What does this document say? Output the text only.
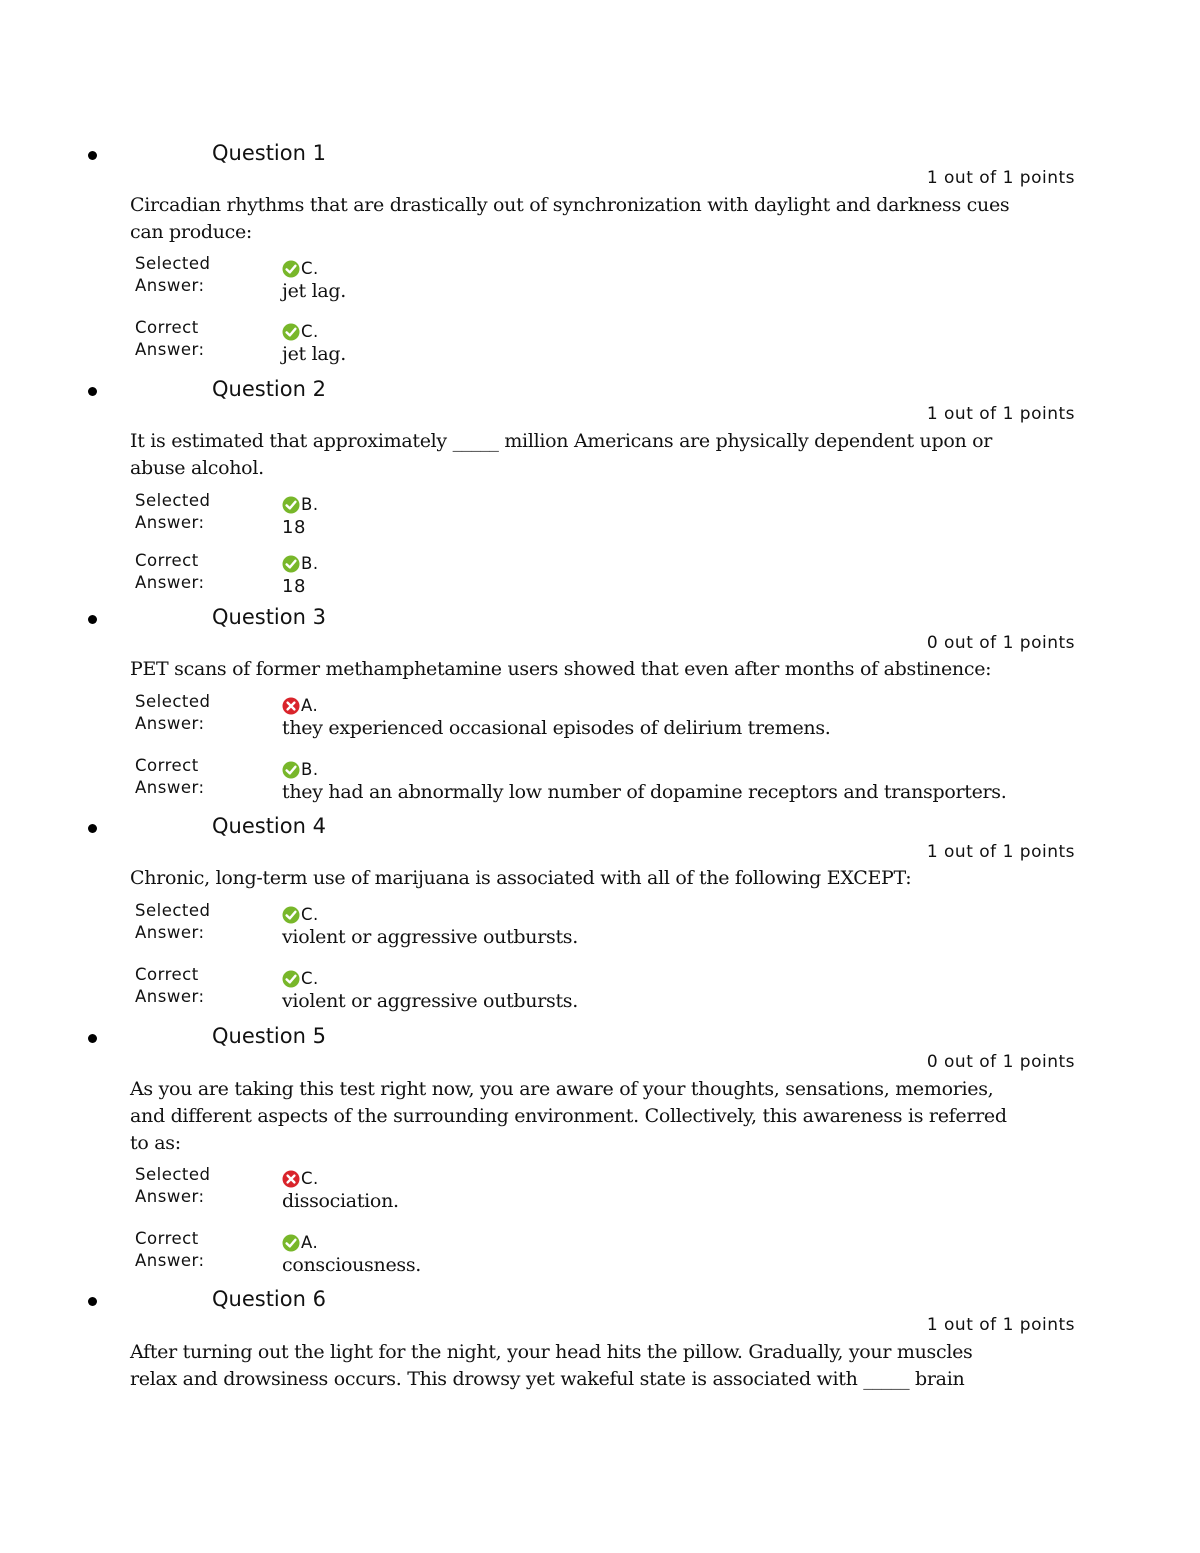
Question 1
1 out of 1 points
Circadian rhythms that are drastically out of synchronization with daylight and darkness cues can produce:
Selected Answer:
C.
jet lag.
Correct Answer:
C.
jet lag.
Question 2
1 out of 1 points
It is estimated that approximately _____ million Americans are physically dependent upon or abuse alcohol.
Selected Answer:
B.
18
Correct Answer:
B.
18
Question 3
0 out of 1 points
PET scans of former methamphetamine users showed that even after months of abstinence:
Selected Answer:
A.
they experienced occasional episodes of delirium tremens.
Correct Answer:
B.
they had an abnormally low number of dopamine receptors and transporters.
Question 4
1 out of 1 points
Chronic, long-term use of marijuana is associated with all of the following EXCEPT:
Selected Answer:
C.
violent or aggressive outbursts.
Correct Answer:
C.
violent or aggressive outbursts.
Question 5
0 out of 1 points
As you are taking this test right now, you are aware of your thoughts, sensations, memories, and different aspects of the surrounding environment. Collectively, this awareness is referred to as:
Selected Answer:
C.
dissociation.
Correct Answer:
A.
consciousness.
Question 6
1 out of 1 points
After turning out the light for the night, your head hits the pillow. Gradually, your muscles relax and drowsiness occurs. This drowsy yet wakeful state is associated with _____ brain
